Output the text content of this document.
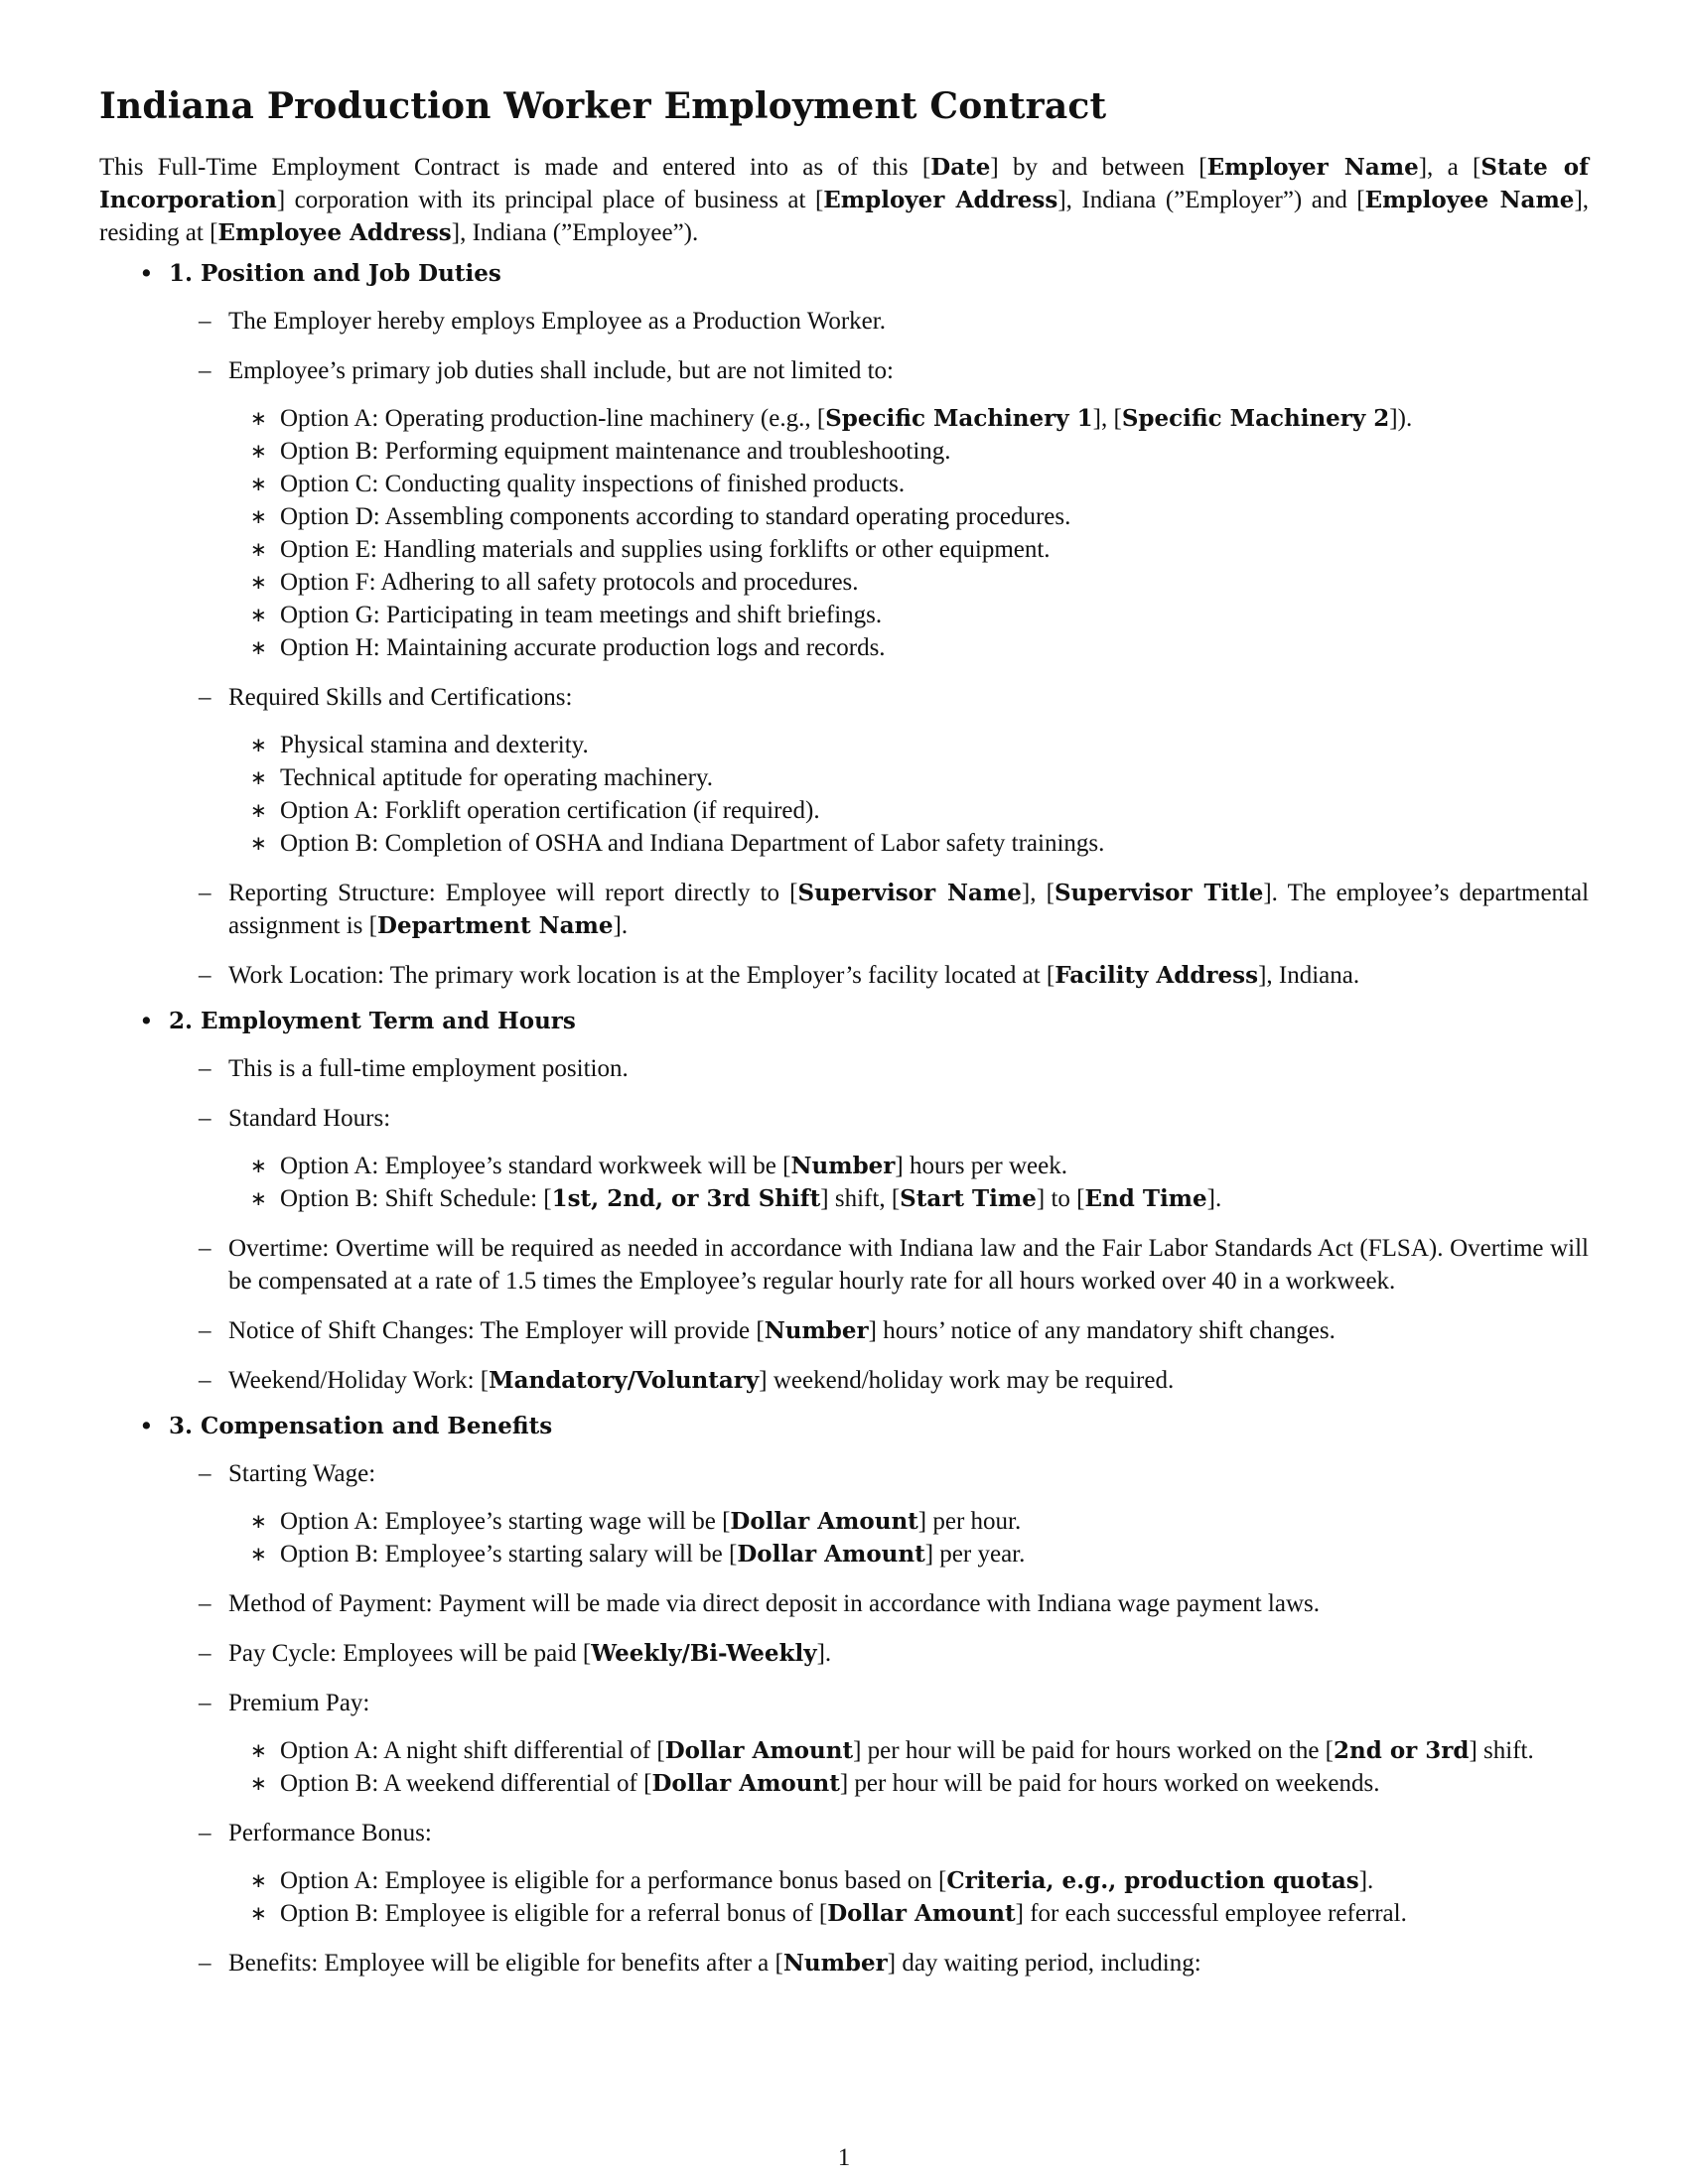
Indiana Production Worker Employment Contract

This Full-Time Employment Contract is made and entered into as of this [Date] by and between [Employer Name], a [State of Incorporation] corporation with its principal place of business at [Employer Address], Indiana (”Employer”) and [Employee Name], residing at [Employee Address], Indiana (”Employee”).

• 1. Position and Job Duties
– The Employer hereby employs Employee as a Production Worker.
– Employee’s primary job duties shall include, but are not limited to:
∗ Option A: Operating production-line machinery (e.g., [Specific Machinery 1], [Specific Machinery 2]).
∗ Option B: Performing equipment maintenance and troubleshooting.
∗ Option C: Conducting quality inspections of finished products.
∗ Option D: Assembling components according to standard operating procedures.
∗ Option E: Handling materials and supplies using forklifts or other equipment.
∗ Option F: Adhering to all safety protocols and procedures.
∗ Option G: Participating in team meetings and shift briefings.
∗ Option H: Maintaining accurate production logs and records.
– Required Skills and Certifications:
∗ Physical stamina and dexterity.
∗ Technical aptitude for operating machinery.
∗ Option A: Forklift operation certification (if required).
∗ Option B: Completion of OSHA and Indiana Department of Labor safety trainings.
– Reporting Structure: Employee will report directly to [Supervisor Name], [Supervisor Title]. The employee’s departmental assignment is [Department Name].
– Work Location: The primary work location is at the Employer’s facility located at [Facility Address], Indiana.
• 2. Employment Term and Hours
– This is a full-time employment position.
– Standard Hours:
∗ Option A: Employee’s standard workweek will be [Number] hours per week.
∗ Option B: Shift Schedule: [1st, 2nd, or 3rd Shift] shift, [Start Time] to [End Time].
– Overtime: Overtime will be required as needed in accordance with Indiana law and the Fair Labor Standards Act (FLSA). Overtime will be compensated at a rate of 1.5 times the Employee’s regular hourly rate for all hours worked over 40 in a workweek.
– Notice of Shift Changes: The Employer will provide [Number] hours’ notice of any mandatory shift changes.
– Weekend/Holiday Work: [Mandatory/Voluntary] weekend/holiday work may be required.
• 3. Compensation and Benefits
– Starting Wage:
∗ Option A: Employee’s starting wage will be [Dollar Amount] per hour.
∗ Option B: Employee’s starting salary will be [Dollar Amount] per year.
– Method of Payment: Payment will be made via direct deposit in accordance with Indiana wage payment laws.
– Pay Cycle: Employees will be paid [Weekly/Bi-Weekly].
– Premium Pay:
∗ Option A: A night shift differential of [Dollar Amount] per hour will be paid for hours worked on the [2nd or 3rd] shift.
∗ Option B: A weekend differential of [Dollar Amount] per hour will be paid for hours worked on weekends.
– Performance Bonus:
∗ Option A: Employee is eligible for a performance bonus based on [Criteria, e.g., production quotas].
∗ Option B: Employee is eligible for a referral bonus of [Dollar Amount] for each successful employee referral.
– Benefits: Employee will be eligible for benefits after a [Number] day waiting period, including:
1
